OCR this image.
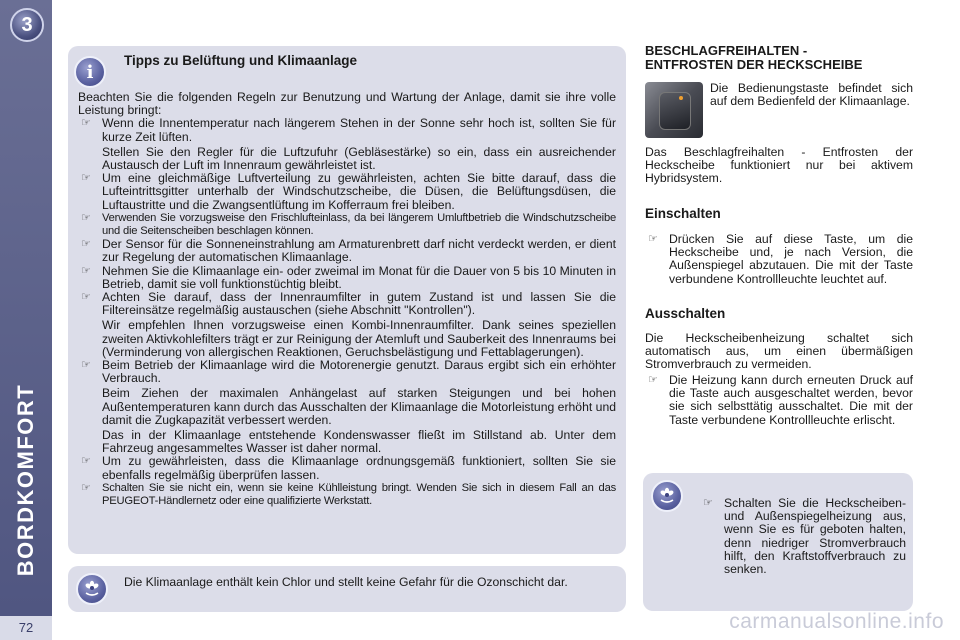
3
BORDKOMFORT
72
i
Tipps zu Belüftung und Klimaanlage

Beachten Sie die folgenden Regeln zur Benutzung und Wartung der Anlage, damit sie ihre volle Leistung bringt:

☞ Wenn die Innentemperatur nach längerem Stehen in der Sonne sehr hoch ist, sollten Sie für kurze Zeit lüften.
Stellen Sie den Regler für die Luftzufuhr (Gebläsestärke) so ein, dass ein ausreichender Austausch der Luft im Innenraum gewährleistet ist.
☞ Um eine gleichmäßige Luftverteilung zu gewährleisten, achten Sie bitte darauf, dass die Lufteintrittsgitter unterhalb der Windschutzscheibe, die Düsen, die Belüftungsdüsen, die Luftaustritte und die Zwangsentlüftung im Kofferraum frei bleiben.
☞ Verwenden Sie vorzugsweise den Frischlufteinlass, da bei längerem Umluftbetrieb die Windschutzscheibe und die Seitenscheiben beschlagen können.
☞ Der Sensor für die Sonneneinstrahlung am Armaturenbrett darf nicht verdeckt werden, er dient zur Regelung der automatischen Klimaanlage.
☞ Nehmen Sie die Klimaanlage ein- oder zweimal im Monat für die Dauer von 5 bis 10 Minuten in Betrieb, damit sie voll funktionstüchtig bleibt.
☞ Achten Sie darauf, dass der Innenraumfilter in gutem Zustand ist und lassen Sie die Filtereinsätze regelmäßig austauschen (siehe Abschnitt "Kontrollen").
Wir empfehlen Ihnen vorzugsweise einen Kombi-Innenraumfilter. Dank seines speziellen zweiten Aktivkohlefilters trägt er zur Reinigung der Atemluft und Sauberkeit des Innenraums bei (Verminderung von allergischen Reaktionen, Geruchsbelästigung und Fettablagerungen).
☞ Beim Betrieb der Klimaanlage wird die Motorenergie genutzt. Daraus ergibt sich ein erhöhter Verbrauch.
Beim Ziehen der maximalen Anhängelast auf starken Steigungen und bei hohen Außentemperaturen kann durch das Ausschalten der Klimaanlage die Motorleistung erhöht und damit die Zugkapazität verbessert werden.
Das in der Klimaanlage entstehende Kondenswasser fließt im Stillstand ab. Unter dem Fahrzeug angesammeltes Wasser ist daher normal.
☞ Um zu gewährleisten, dass die Klimaanlage ordnungsgemäß funktioniert, sollten Sie sie ebenfalls regelmäßig überprüfen lassen.
☞ Schalten Sie sie nicht ein, wenn sie keine Kühlleistung bringt. Wenden Sie sich in diesem Fall an das PEUGEOT-Händlernetz oder eine qualifizierte Werkstatt.
Die Klimaanlage enthält kein Chlor und stellt keine Gefahr für die Ozonschicht dar.
BESCHLAGFREIHALTEN -
ENTFROSTEN DER HECKSCHEIBE
Die Bedienungstaste befindet sich auf dem Bedienfeld der Klimaanlage.
Das Beschlagfreihalten - Entfrosten der Heckscheibe funktioniert nur bei aktivem Hybridsystem.
Einschalten
☞ Drücken Sie auf diese Taste, um die Heckscheibe und, je nach Version, die Außenspiegel abzutauen. Die mit der Taste verbundene Kontrollleuchte leuchtet auf.
Ausschalten
Die Heckscheibenheizung schaltet sich automatisch aus, um einen übermäßigen Stromverbrauch zu vermeiden.
☞ Die Heizung kann durch erneuten Druck auf die Taste auch ausgeschaltet werden, bevor sie sich selbsttätig ausschaltet. Die mit der Taste verbundene Kontrollleuchte erlischt.
☞ Schalten Sie die Heckscheiben- und Außenspiegelheizung aus, wenn Sie es für geboten halten, denn niedriger Stromverbrauch hilft, den Kraftstoffverbrauch zu senken.
carmanualsonline.info
